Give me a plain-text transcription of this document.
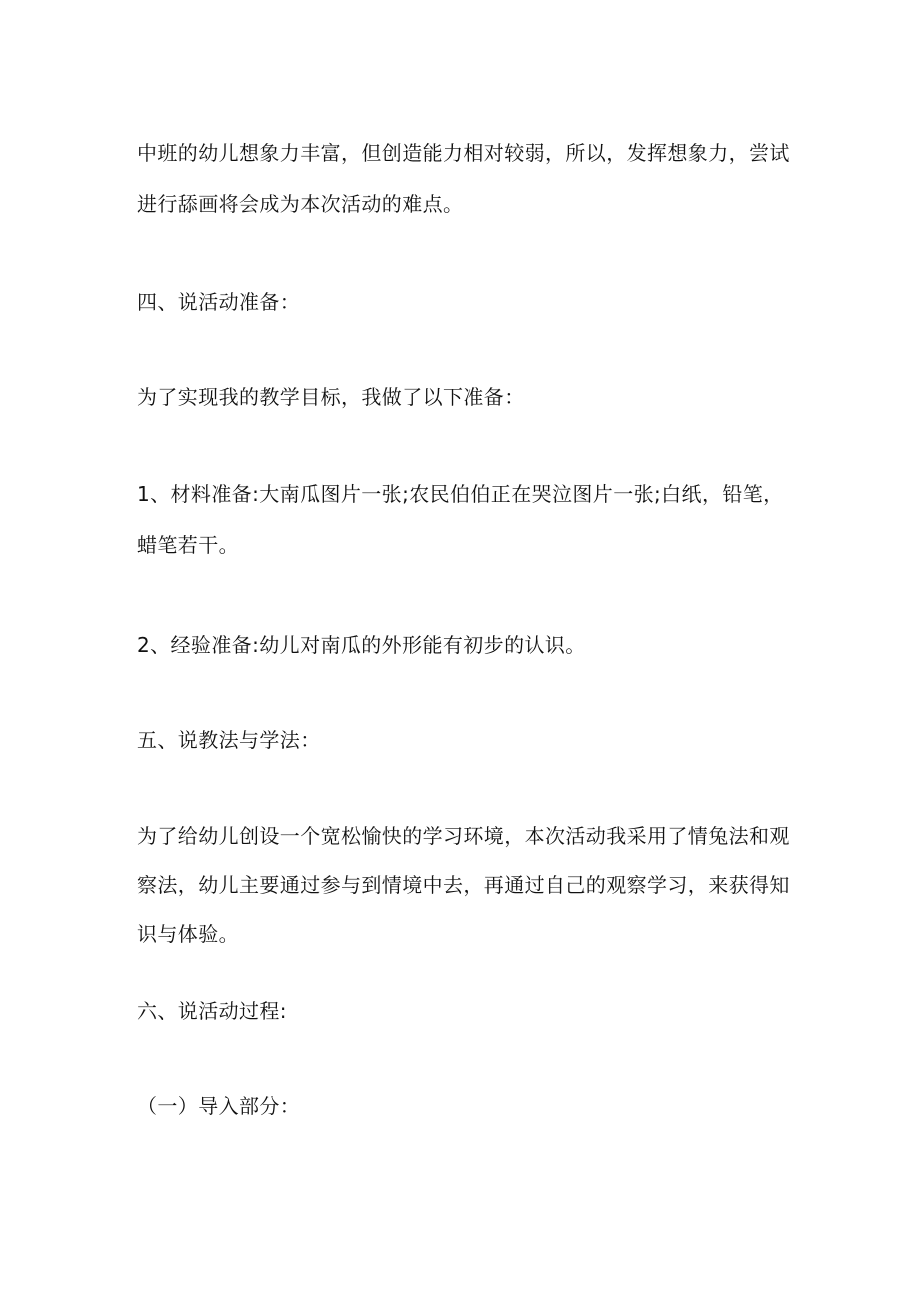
中班的幼儿想象力丰富，但创造能力相对较弱，所以，发挥想象力，尝试
进行舔画将会成为本次活动的难点。
四、说活动准备：
为了实现我的教学目标，我做了以下准备：
1、材料准备:大南瓜图片一张;农民伯伯正在哭泣图片一张;白纸，铅笔，
蜡笔若干。
2、经验准备:幼儿对南瓜的外形能有初步的认识。
五、说教法与学法：
为了给幼儿创设一个宽松愉快的学习环境，本次活动我采用了情兔法和观
察法，幼儿主要通过参与到情境中去，再通过自己的观察学习，来获得知
识与体验。
六、说活动过程:
（一）导入部分：
